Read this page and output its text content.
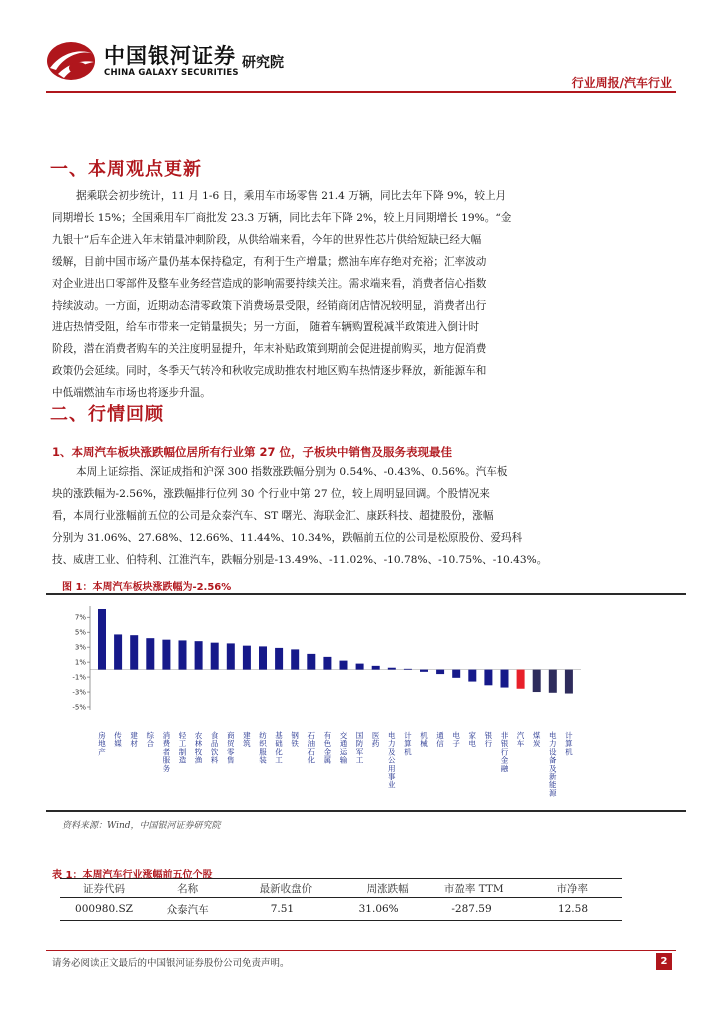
中国银河证券
CHINA GALAXY SECURITIES
研究院
行业周报/汽车行业
一、本周观点更新
据乘联会初步统计，11 月 1-6 日，乘用车市场零售 21.4 万辆，同比去年下降 9%，较上月
同期增长 15%；全国乘用车厂商批发 23.3 万辆，同比去年下降 2%，较上月同期增长 19%。“金
九银十”后车企进入年末销量冲刺阶段，从供给端来看，今年的世界性芯片供给短缺已经大幅
缓解，目前中国市场产量仍基本保持稳定，有利于生产增量；燃油车库存绝对充裕；汇率波动
对企业进出口零部件及整车业务经营造成的影响需要持续关注。需求端来看，消费者信心指数
持续波动。一方面，近期动态清零政策下消费场景受限，经销商闭店情况较明显，消费者出行
进店热情受阻，给车市带来一定销量损失；另一方面， 随着车辆购置税减半政策进入倒计时
阶段，潜在消费者购车的关注度明显提升，年末补贴政策到期前会促进提前购买，地方促消费
政策仍会延续。同时，冬季天气转冷和秋收完成助推农村地区购车热情逐步释放，新能源车和
中低端燃油车市场也将逐步升温。
二、行情回顾
1、本周汽车板块涨跌幅位居所有行业第 27 位，子板块中销售及服务表现最佳
本周上证综指、深证成指和沪深 300 指数涨跌幅分别为 0.54%、-0.43%、0.56%。汽车板
块的涨跌幅为-2.56%，涨跌幅排行位列 30 个行业中第 27 位，较上周明显回调。个股情况来
看，本周行业涨幅前五位的公司是众泰汽车、ST 曙光、海联金汇、康跃科技、超捷股份，涨幅
分别为 31.06%、27.68%、12.66%、11.44%、10.34%，跌幅前五位的公司是松原股份、爱玛科
技、威唐工业、伯特利、江淮汽车，跌幅分别是-13.49%、-11.02%、-10.78%、-10.75%、-10.43%。
图 1：本周汽车板块涨跌幅为-2.56%
7%
5%
3%
1%
-1%
-3%
-5%
房地产
传媒
建材
综合
消费者服务
轻工制造
农林牧渔
食品饮料
商贸零售
建筑
纺织服装
基础化工
钢铁
石油石化
有色金属
交通运输
国防军工
医药
电力及公用事业
计算机
机械
通信
电子
家电
银行
非银行金融
汽车
煤炭
电力设备及新能源
计算机
资料来源：Wind，中国银河证券研究院
表 1：本周汽车行业涨幅前五位个股
证券代码	名称	最新收盘价	周涨跌幅	市盈率 TTM	市净率
000980.SZ	众泰汽车	7.51	31.06%	-287.59	12.58
请务必阅读正文最后的中国银河证券股份公司免责声明。	2
